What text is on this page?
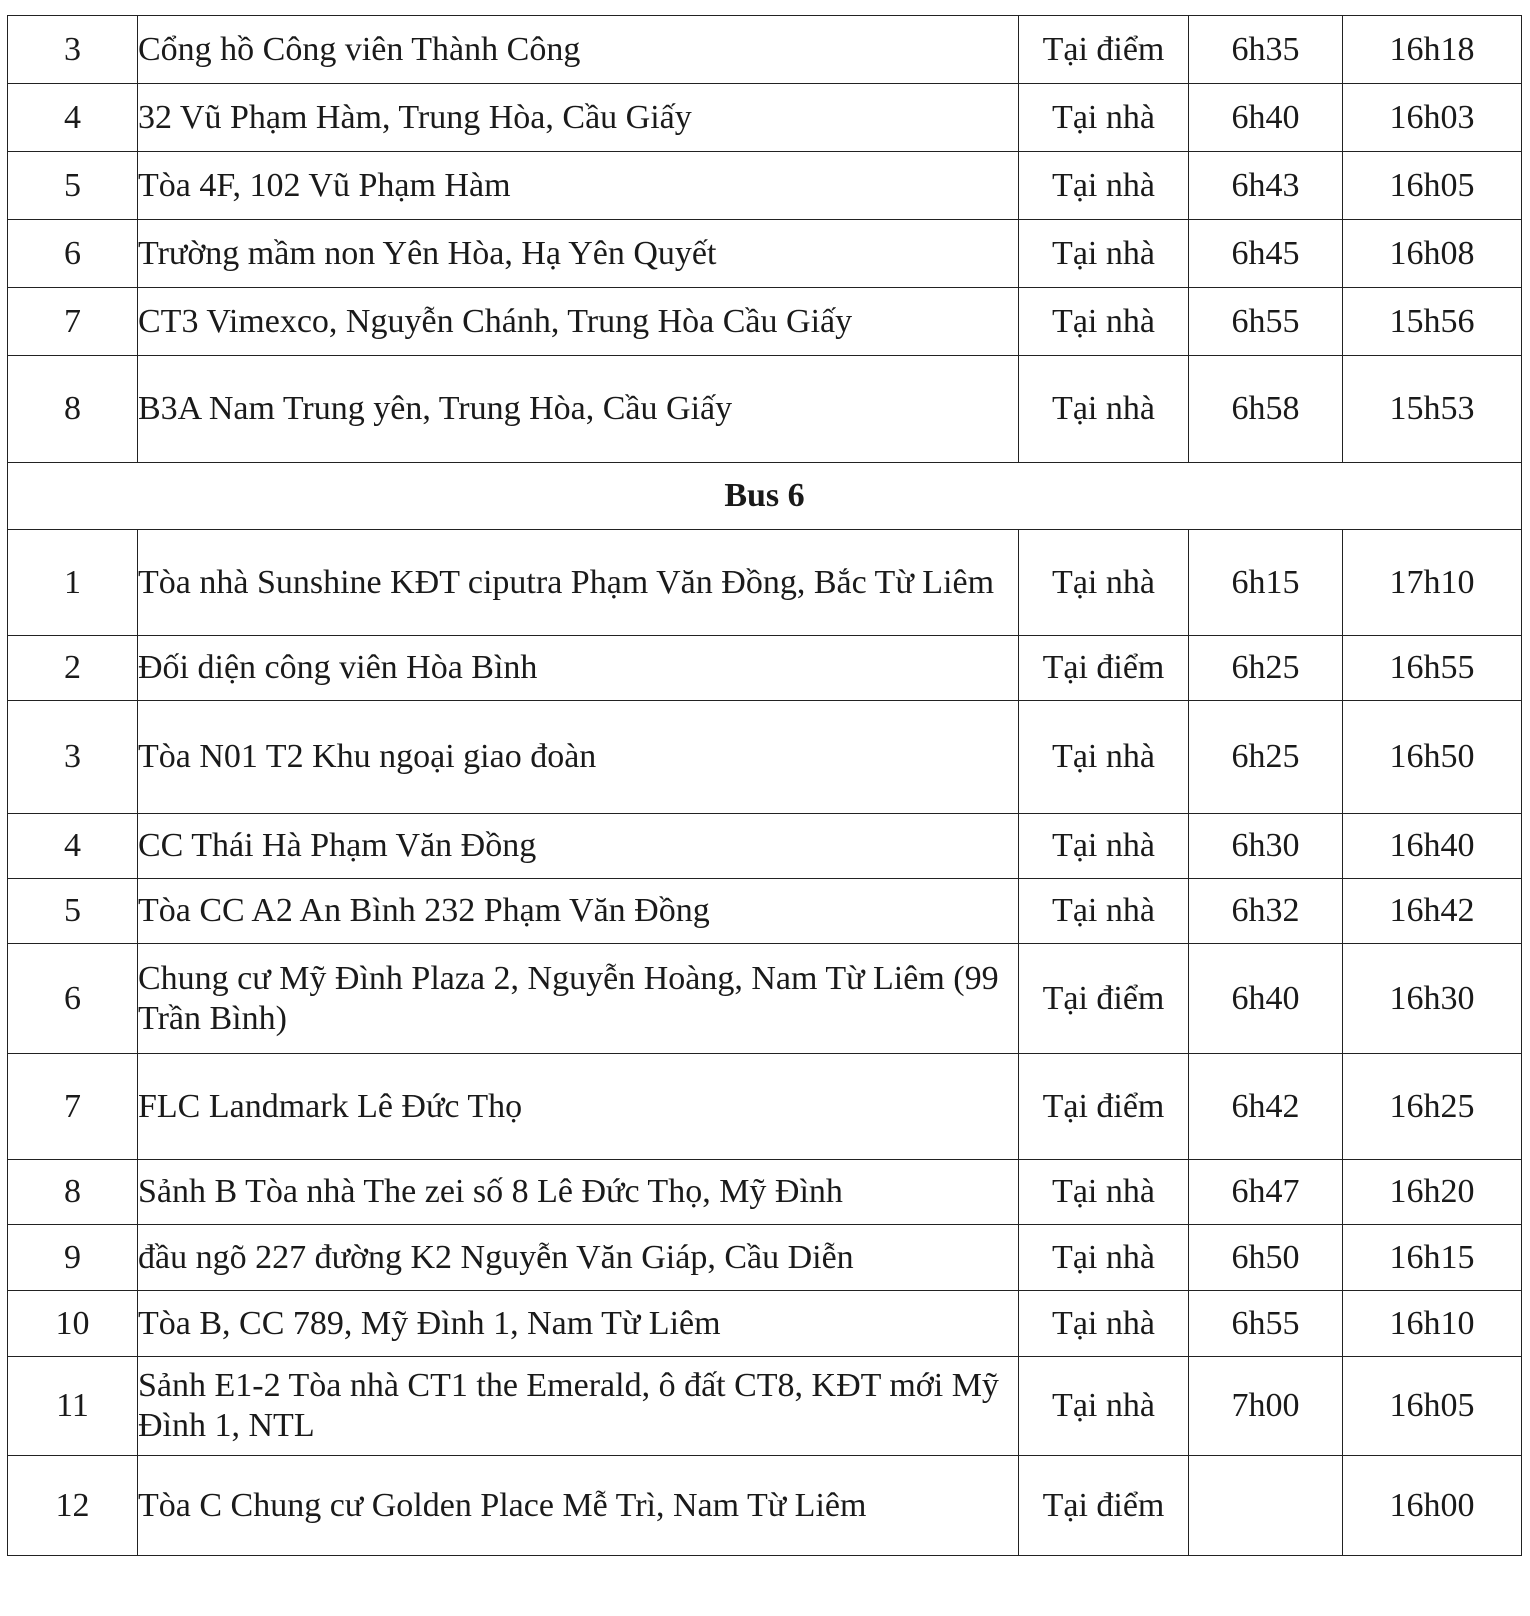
3	Cổng hồ Công viên Thành Công	Tại điểm	6h35	16h18
4	32 Vũ Phạm Hàm, Trung Hòa, Cầu Giấy	Tại nhà	6h40	16h03
5	Tòa 4F, 102 Vũ Phạm Hàm	Tại nhà	6h43	16h05
6	Trường mầm non Yên Hòa, Hạ Yên Quyết	Tại nhà	6h45	16h08
7	CT3 Vimexco, Nguyễn Chánh, Trung Hòa Cầu Giấy	Tại nhà	6h55	15h56
8	B3A Nam Trung yên, Trung Hòa, Cầu Giấy	Tại nhà	6h58	15h53
Bus 6				
1	Tòa nhà Sunshine KĐT ciputra Phạm Văn Đồng, Bắc Từ Liêm	Tại nhà	6h15	17h10
2	Đối diện công viên Hòa Bình	Tại điểm	6h25	16h55
3	Tòa N01 T2 Khu ngoại giao đoàn	Tại nhà	6h25	16h50
4	CC Thái Hà Phạm Văn Đồng	Tại nhà	6h30	16h40
5	Tòa CC A2 An Bình 232 Phạm Văn Đồng	Tại nhà	6h32	16h42
6	Chung cư Mỹ Đình Plaza 2, Nguyễn Hoàng, Nam Từ Liêm (99 Trần Bình)	Tại điểm	6h40	16h30
7	FLC Landmark Lê Đức Thọ	Tại điểm	6h42	16h25
8	Sảnh B Tòa nhà The zei số 8 Lê Đức Thọ, Mỹ Đình	Tại nhà	6h47	16h20
9	đầu ngõ 227 đường K2 Nguyễn Văn Giáp, Cầu Diễn	Tại nhà	6h50	16h15
10	Tòa B, CC 789, Mỹ Đình 1, Nam Từ Liêm	Tại nhà	6h55	16h10
11	Sảnh E1-2 Tòa nhà CT1 the Emerald, ô đất CT8, KĐT mới Mỹ Đình 1, NTL	Tại nhà	7h00	16h05
12	Tòa C Chung cư Golden Place Mễ Trì, Nam Từ Liêm	Tại điểm		16h00
